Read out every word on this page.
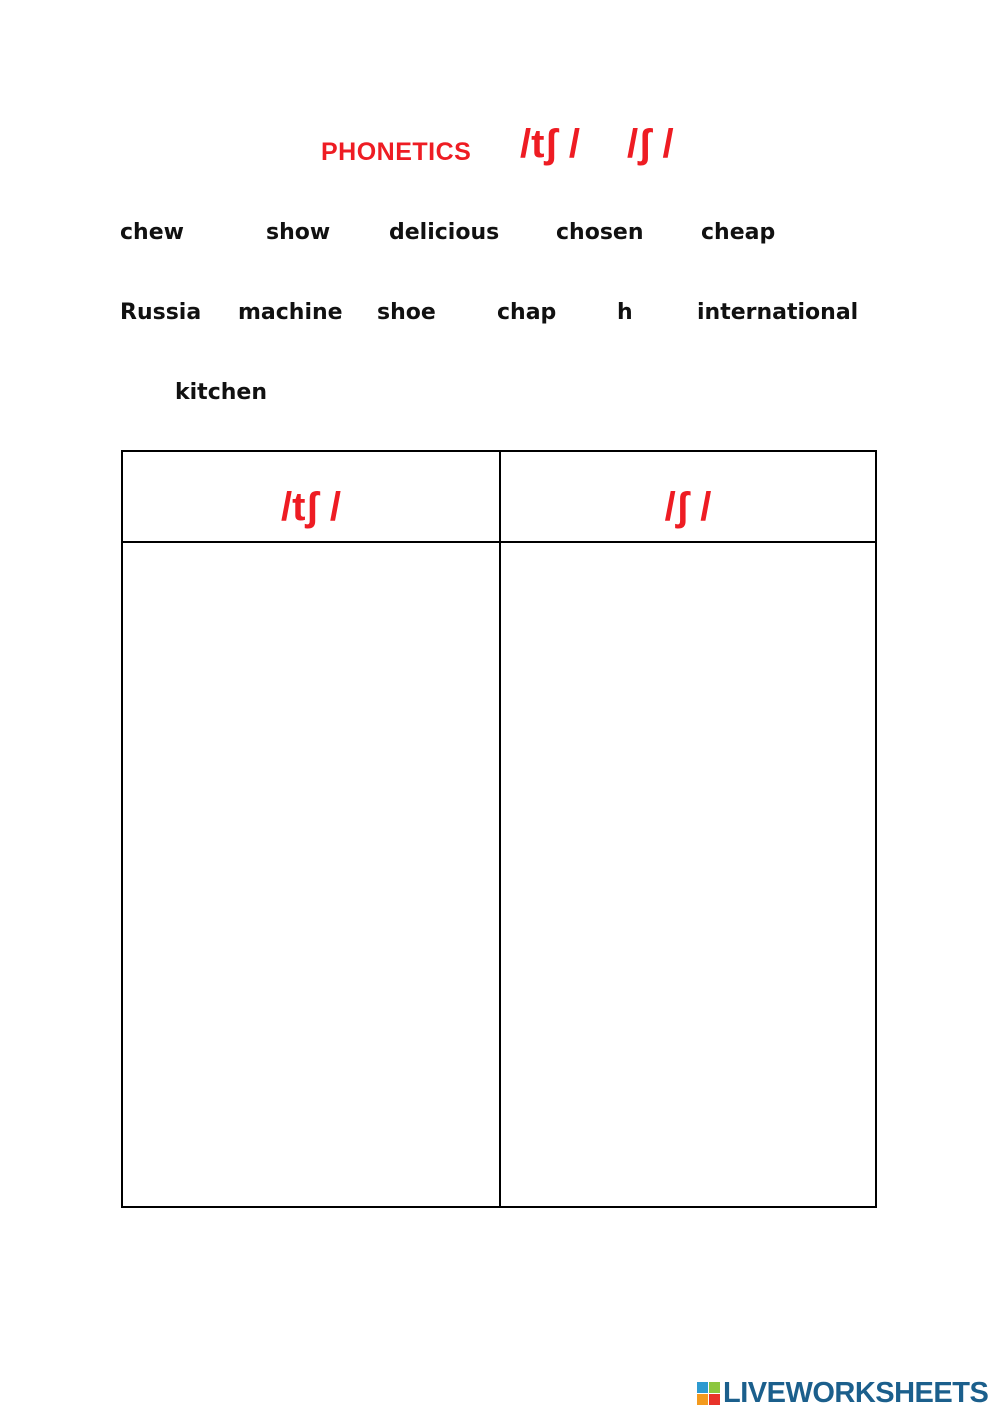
PHONETICS /tʃ / /ʃ /
chew	show	delicious	chosen	cheap
Russia machine shoe	chap	h	international
kitchen
/tʃ /	/ʃ /
LIVEWORKSHEETS
